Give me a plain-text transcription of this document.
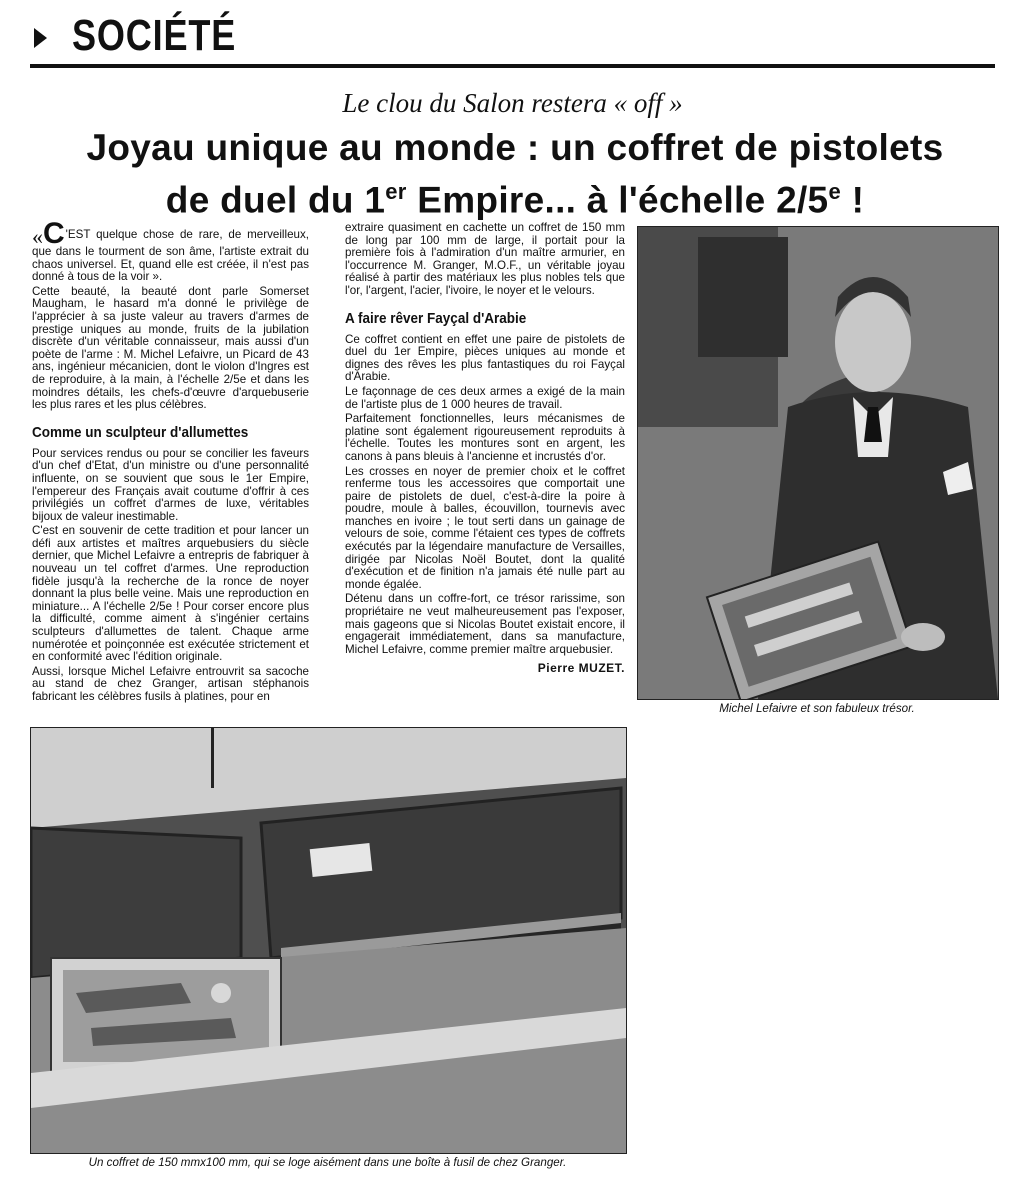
SOCIÉTÉ
Le clou du Salon restera « off »
Joyau unique au monde : un coffret de pistolets
de duel du 1er Empire... à l'échelle 2/5e !

«C'EST quelque chose de rare, de merveilleux, que dans le tourment de son âme, l'artiste extrait du chaos universel. Et, quand elle est créée, il n'est pas donné à tous de la voir ».

Cette beauté, la beauté dont parle Somerset Maugham, le hasard m'a donné le privilège de l'apprécier à sa juste valeur au travers d'armes de prestige uniques au monde, fruits de la jubilation discrète d'un véritable connaisseur, mais aussi d'un poète de l'arme : M. Michel Lefaivre, un Picard de 43 ans, ingénieur mécanicien, dont le violon d'Ingres est de reproduire, à la main, à l'échelle 2/5e et dans les moindres détails, les chefs-d'œuvre d'arquebuserie les plus rares et les plus célèbres.

Comme un sculpteur d'allumettes

Pour services rendus ou pour se concilier les faveurs d'un chef d'Etat, d'un ministre ou d'une personnalité influente, on se souvient que sous le 1er Empire, l'empereur des Français avait coutume d'offrir à ces privilégiés un coffret d'armes de luxe, véritables bijoux de valeur inestimable.

C'est en souvenir de cette tradition et pour lancer un défi aux artistes et maîtres arquebusiers du siècle dernier, que Michel Lefaivre a entrepris de fabriquer à nouveau un tel coffret d'armes. Une reproduction fidèle jusqu'à la recherche de la ronce de noyer donnant la plus belle veine. Mais une reproduction en miniature... A l'échelle 2/5e ! Pour corser encore plus la difficulté, comme aiment à s'ingénier certains sculpteurs d'allumettes de talent. Chaque arme numérotée et poinçonnée est exécutée strictement et en conformité avec l'édition originale.

Aussi, lorsque Michel Lefaivre entrouvrit sa sacoche au stand de chez Granger, artisan stéphanois fabricant les célèbres fusils à platines, pour en

extraire quasiment en cachette un coffret de 150 mm de long par 100 mm de large, il portait pour la première fois à l'admiration d'un maître armurier, en l'occurrence M. Granger, M.O.F., un véritable joyau réalisé à partir des matériaux les plus nobles tels que l'or, l'argent, l'acier, l'ivoire, le noyer et le velours.

A faire rêver Fayçal d'Arabie

Ce coffret contient en effet une paire de pistolets de duel du 1er Empire, pièces uniques au monde et dignes des rêves les plus fantastiques du roi Fayçal d'Arabie.

Le façonnage de ces deux armes a exigé de la main de l'artiste plus de 1 000 heures de travail.

Parfaitement fonctionnelles, leurs mécanismes de platine sont également rigoureusement reproduits à l'échelle. Toutes les montures sont en argent, les canons à pans bleuis à l'ancienne et incrustés d'or.

Les crosses en noyer de premier choix et le coffret renferme tous les accessoires que comportait une paire de pistolets de duel, c'est-à-dire la poire à poudre, moule à balles, écouvillon, tournevis avec manches en ivoire ; le tout serti dans un gainage de velours de soie, comme l'étaient ces types de coffrets exécutés par la légendaire manufacture de Versailles, dirigée par Nicolas Noël Boutet, dont la qualité d'exécution et de finition n'a jamais été nulle part au monde égalée.

Détenu dans un coffre-fort, ce trésor rarissime, son propriétaire ne veut malheureusement pas l'exposer, mais gageons que si Nicolas Boutet existait encore, il engagerait immédiatement, dans sa manufacture, Michel Lefaivre, comme premier maître arquebusier.

Pierre MUZET.

Michel Lefaivre et son fabuleux trésor.
Un coffret de 150 mmx100 mm, qui se loge aisément dans une boîte à fusil de chez Granger.
